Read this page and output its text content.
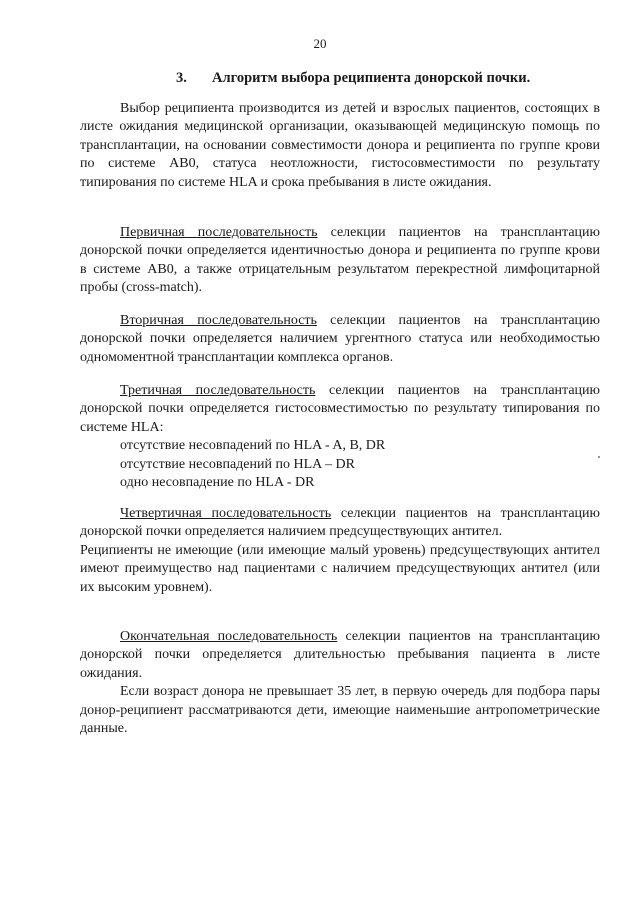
20
3. Алгоритм выбора реципиента донорской почки.

Выбор реципиента производится из детей и взрослых пациентов, состоящих в листе ожидания медицинской организации, оказывающей медицинскую помощь по трансплантации, на основании совместимости донора и реципиента по группе крови по системе АВ0, статуса неотложности, гистосовместимости по результату типирования по системе HLA и срока пребывания в листе ожидания.

Первичная последовательность селекции пациентов на трансплантацию донорской почки определяется идентичностью донора и реципиента по группе крови в системе АВ0, а также отрицательным результатом перекрестной лимфоцитарной пробы (cross-match).

Вторичная последовательность селекции пациентов на трансплантацию донорской почки определяется наличием ургентного статуса или необходимостью одномоментной трансплантации комплекса органов.

Третичная последовательность селекции пациентов на трансплантацию донорской почки определяется гистосовместимостью по результату типирования по системе HLA:

отсутствие несовпадений по HLA - A, B, DR

отсутствие несовпадений по HLA – DR

одно несовпадение по HLA - DR

Четвертичная последовательность селекции пациентов на трансплантацию донорской почки определяется наличием предсуществующих антител.

Реципиенты не имеющие (или имеющие малый уровень) предсуществующих антител имеют преимущество над пациентами с наличием предсуществующих антител (или их высоким уровнем).

Окончательная последовательность селекции пациентов на трансплантацию донорской почки определяется длительностью пребывания пациента в листе ожидания.

Если возраст донора не превышает 35 лет, в первую очередь для подбора пары донор-реципиент рассматриваются дети, имеющие наименьшие антропометрические данные.
